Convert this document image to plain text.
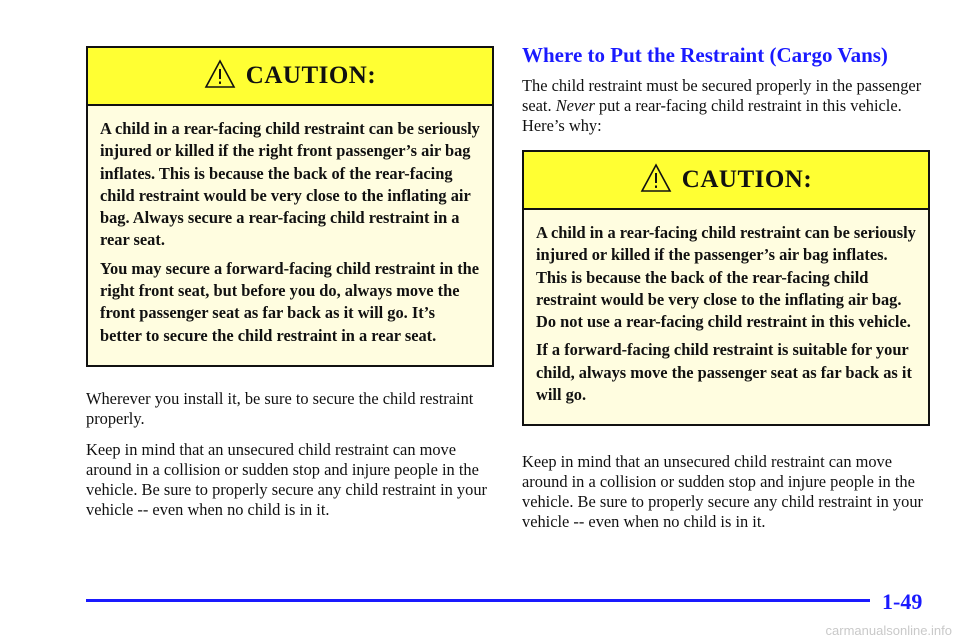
CAUTION:

A child in a rear-facing child restraint can be seriously injured or killed if the right front passenger’s air bag inflates. This is because the back of the rear-facing child restraint would be very close to the inflating air bag. Always secure a rear-facing child restraint in a rear seat.

You may secure a forward-facing child restraint in the right front seat, but before you do, always move the front passenger seat as far back as it will go. It’s better to secure the child restraint in a rear seat.

Wherever you install it, be sure to secure the child restraint properly.

Keep in mind that an unsecured child restraint can move around in a collision or sudden stop and injure people in the vehicle. Be sure to properly secure any child restraint in your vehicle -- even when no child is in it.

Where to Put the Restraint (Cargo Vans)

The child restraint must be secured properly in the passenger seat. Never put a rear-facing child restraint in this vehicle. Here’s why:

CAUTION:

A child in a rear-facing child restraint can be seriously injured or killed if the passenger’s air bag inflates. This is because the back of the rear-facing child restraint would be very close to the inflating air bag. Do not use a rear-facing child restraint in this vehicle.

If a forward-facing child restraint is suitable for your child, always move the passenger seat as far back as it will go.

Keep in mind that an unsecured child restraint can move around in a collision or sudden stop and injure people in the vehicle. Be sure to properly secure any child restraint in your vehicle -- even when no child is in it.

1-49

carmanualsonline.info
